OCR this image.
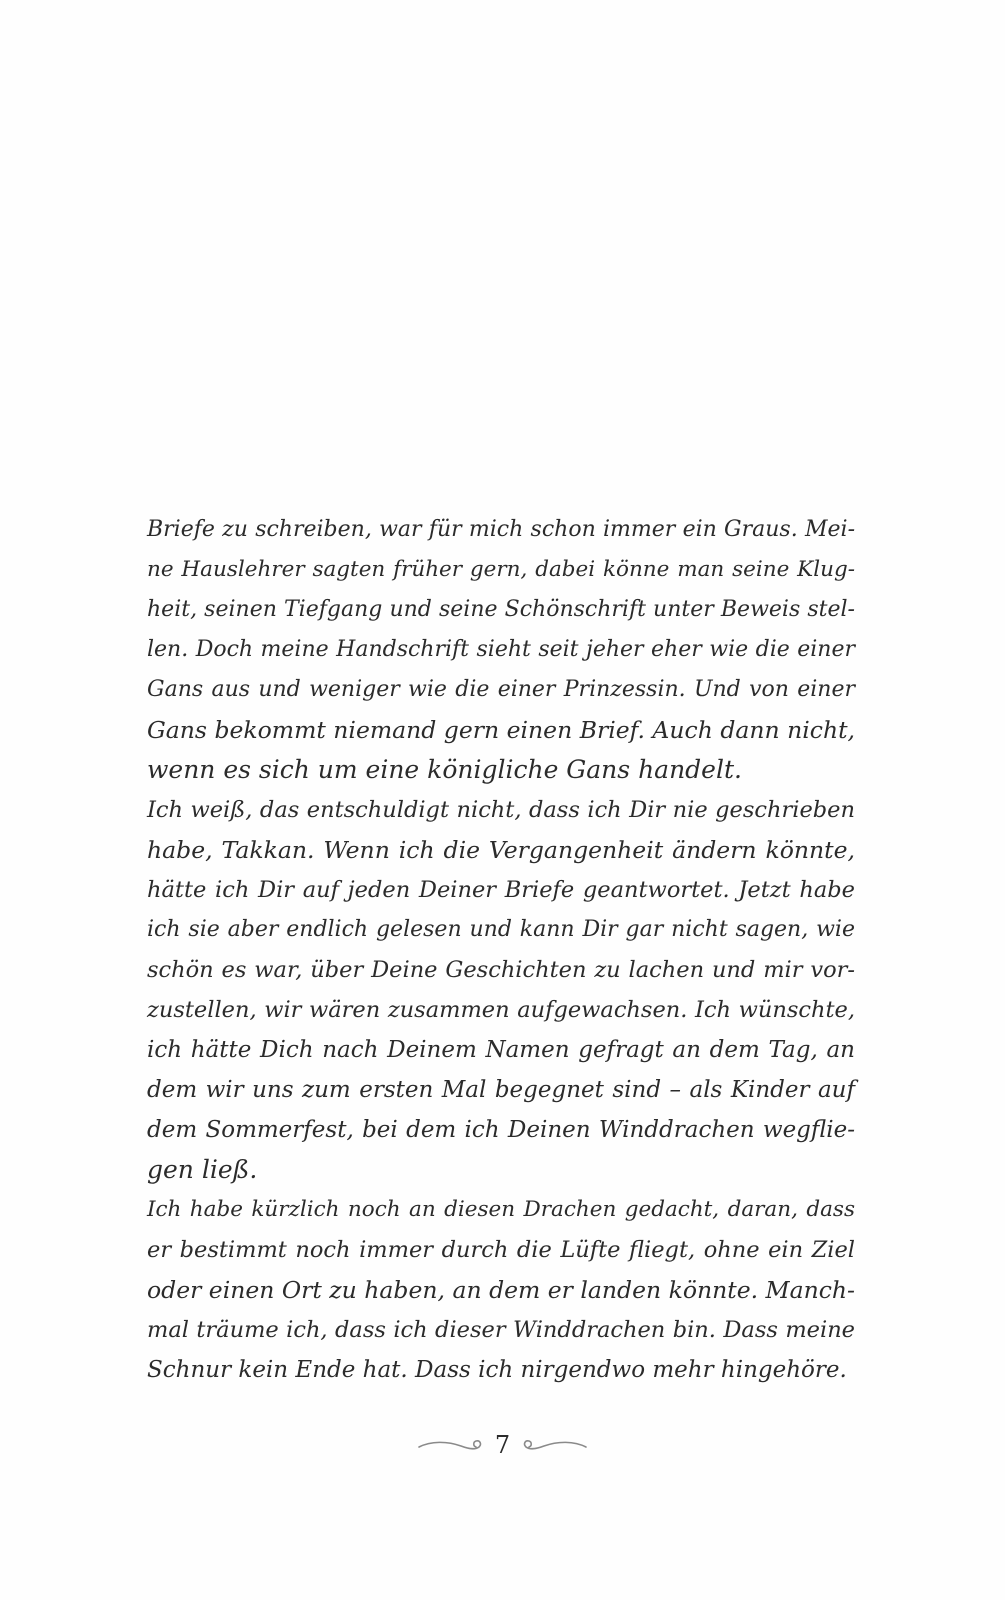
Briefe zu schreiben, war für mich schon immer ein Graus. Mei-
ne Hauslehrer sagten früher gern, dabei könne man seine Klug-
heit, seinen Tiefgang und seine Schönschrift unter Beweis stel-
len. Doch meine Handschrift sieht seit jeher eher wie die einer
Gans aus und weniger wie die einer Prinzessin. Und von einer
Gans bekommt niemand gern einen Brief. Auch dann nicht,
wenn es sich um eine königliche Gans handelt.
Ich weiß, das entschuldigt nicht, dass ich Dir nie geschrieben
habe, Takkan. Wenn ich die Vergangenheit ändern könnte,
hätte ich Dir auf jeden Deiner Briefe geantwortet. Jetzt habe
ich sie aber endlich gelesen und kann Dir gar nicht sagen, wie
schön es war, über Deine Geschichten zu lachen und mir vor-
zustellen, wir wären zusammen aufgewachsen. Ich wünschte,
ich hätte Dich nach Deinem Namen gefragt an dem Tag, an
dem wir uns zum ersten Mal begegnet sind – als Kinder auf
dem Sommerfest, bei dem ich Deinen Winddrachen wegflie-
gen ließ.
Ich habe kürzlich noch an diesen Drachen gedacht, daran, dass
er bestimmt noch immer durch die Lüfte fliegt, ohne ein Ziel
oder einen Ort zu haben, an dem er landen könnte. Manch-
mal träume ich, dass ich dieser Winddrachen bin. Dass meine
Schnur kein Ende hat. Dass ich nirgendwo mehr hingehöre.
7
